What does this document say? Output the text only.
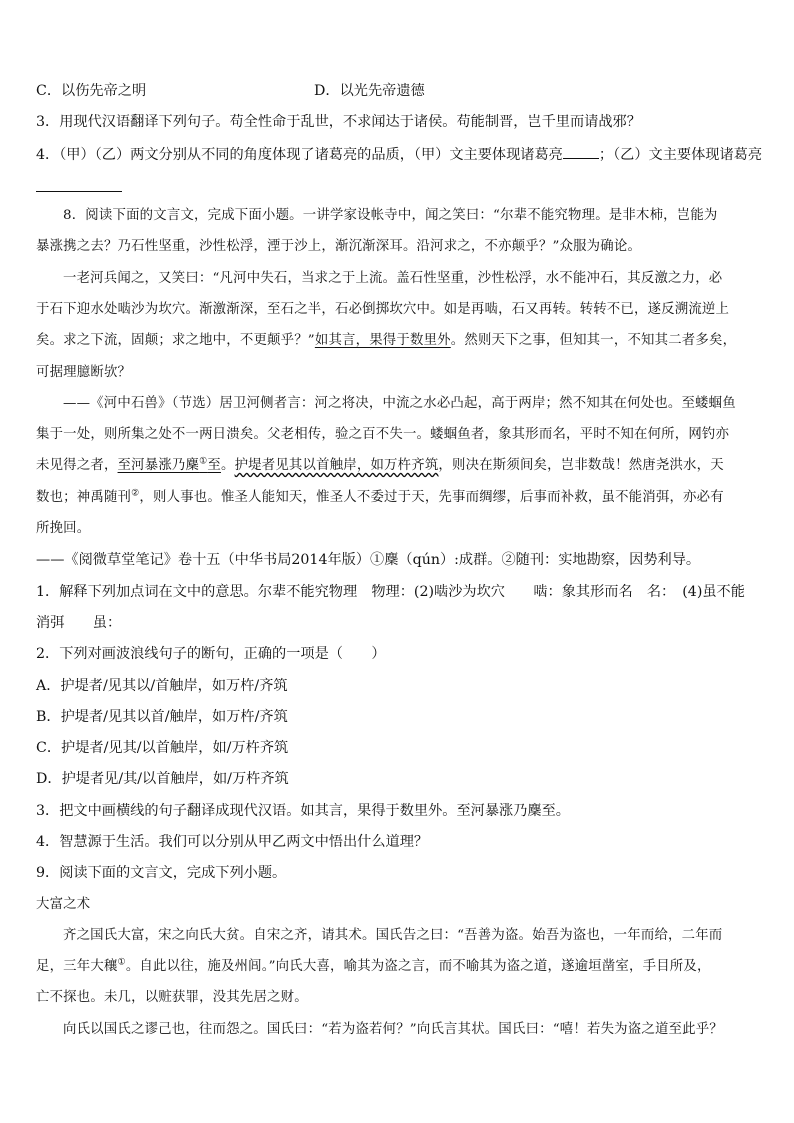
C．以伤先帝之明	D．以光先帝遗德
3．用现代汉语翻译下列句子。苟全性命于乱世，不求闻达于诸侯。苟能制晋，岂千里而请战邪？
4．（甲）（乙）两文分别从不同的角度体现了诸葛亮的品质，（甲）文主要体现诸葛亮	；（乙）文主要体现诸葛亮
8．阅读下面的文言文，完成下面小题。一讲学家设帐寺中，闻之笑曰：“尔辈不能究物理。是非木柿，岂能为
暴涨携之去？乃石性坚重，沙性松浮，湮于沙上，渐沉渐深耳。沿河求之，不亦颠乎？”众服为确论。
一老河兵闻之，又笑曰：“凡河中失石，当求之于上流。盖石性坚重，沙性松浮，水不能冲石，其反激之力，必
于石下迎水处啮沙为坎穴。渐激渐深，至石之半，石必倒掷坎穴中。如是再啮，石又再转。转转不已，遂反溯流逆上
矣。求之下流，固颠；求之地中，不更颠乎？”如其言，果得于数里外。然则天下之事，但知其一，不知其二者多矣，
可据理臆断欤？
——《河中石兽》（节选）居卫河侧者言：河之将决，中流之水必凸起，高于两岸；然不知其在何处也。至蝼蝈鱼
集于一处，则所集之处不一两日溃矣。父老相传，验之百不失一。蝼蝈鱼者，象其形而名，平时不知在何所，网钓亦
未见得之者，至河暴涨乃麇①至。护堤者见其以首触岸，如万杵齐筑，则决在斯须间矣，岂非数哉！然唐尧洪水，天
数也；神禹随刊②，则人事也。惟圣人能知天，惟圣人不委过于天，先事而绸缪，后事而补救，虽不能消弭，亦必有
所挽回。
——《阅微草堂笔记》卷十五（中华书局2014年版）①麇（qún）:成群。②随刊：实地勘察，因势利导。
1．解释下列加点词在文中的意思。尔辈不能究物理　物理：(2)啮沙为坎穴　　啮：象其形而名　名：　(4)虽不能
消弭　　虽：
2．下列对画波浪线句子的断句，正确的一项是（　　）
A．护堤者/见其以/首触岸，如万杵/齐筑
B．护堤者/见其以首/触岸，如万杵/齐筑
C．护堤者/见其/以首触岸，如/万杵齐筑
D．护堤者见/其/以首触岸，如/万杵齐筑
3．把文中画横线的句子翻译成现代汉语。如其言，果得于数里外。至河暴涨乃麇至。
4．智慧源于生活。我们可以分别从甲乙两文中悟出什么道理？
9．阅读下面的文言文，完成下列小题。
大富之术
齐之国氏大富，宋之向氏大贫。自宋之齐，请其术。国氏告之曰：“吾善为盗。始吾为盗也，一年而给，二年而
足，三年大穰①。自此以往，施及州闾。”向氏大喜，喻其为盗之言，而不喻其为盗之道，遂逾垣凿室，手目所及，
亡不探也。未几，以赃获罪，没其先居之财。
向氏以国氏之谬己也，往而怨之。国氏曰：“若为盗若何？”向氏言其状。国氏曰：“嘻！若失为盗之道至此乎？
